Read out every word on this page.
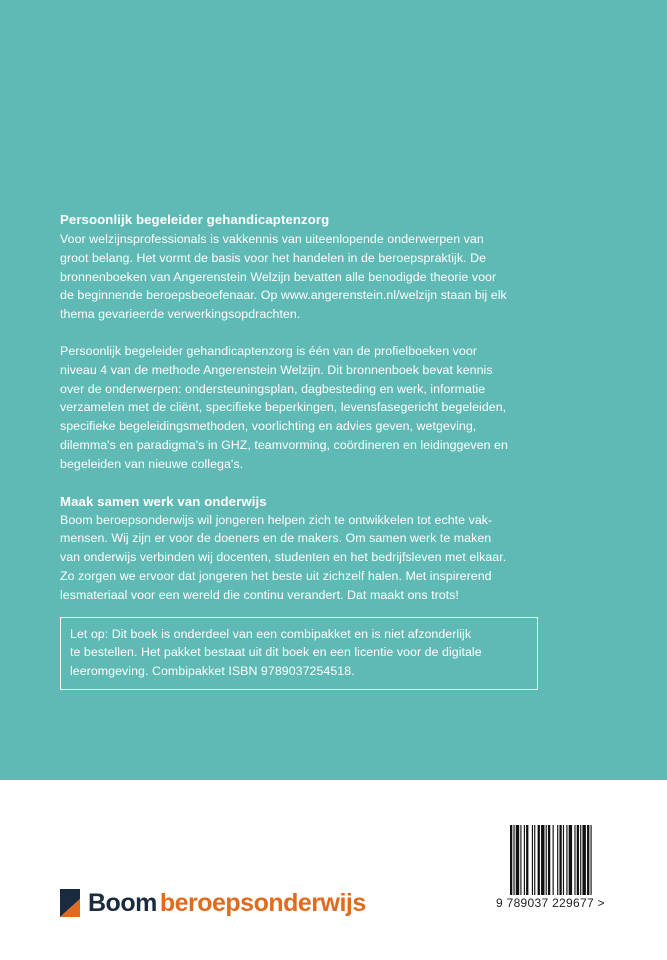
Persoonlijk begeleider gehandicaptenzorg
Voor welzijnsprofessionals is vakkennis van uiteenlopende onderwerpen van
groot belang. Het vormt de basis voor het handelen in de beroepspraktijk. De
bronnenboeken van Angerenstein Welzijn bevatten alle benodigde theorie voor
de beginnende beroepsbeoefenaar. Op www.angerenstein.nl/welzijn staan bij elk
thema gevarieerde verwerkingsopdrachten.
Persoonlijk begeleider gehandicaptenzorg is één van de profielboeken voor
niveau 4 van de methode Angerenstein Welzijn. Dit bronnenboek bevat kennis
over de onderwerpen: ondersteuningsplan, dagbesteding en werk, informatie
verzamelen met de cliënt, specifieke beperkingen, levensfasegericht begeleiden,
specifieke begeleidingsmethoden, voorlichting en advies geven, wetgeving,
dilemma's en paradigma's in GHZ, teamvorming, coördineren en leidinggeven en
begeleiden van nieuwe collega's.
Maak samen werk van onderwijs
Boom beroepsonderwijs wil jongeren helpen zich te ontwikkelen tot echte vak-
mensen. Wij zijn er voor de doeners en de makers. Om samen werk te maken
van onderwijs verbinden wij docenten, studenten en het bedrijfsleven met elkaar.
Zo zorgen we ervoor dat jongeren het beste uit zichzelf halen. Met inspirerend
lesmateriaal voor een wereld die continu verandert. Dat maakt ons trots!
Let op: Dit boek is onderdeel van een combipakket en is niet afzonderlijk
te bestellen. Het pakket bestaat uit dit boek en een licentie voor de digitale
leeromgeving. Combipakket ISBN 9789037254518.
Boom beroepsonderwijs	9 789037 229677 >
